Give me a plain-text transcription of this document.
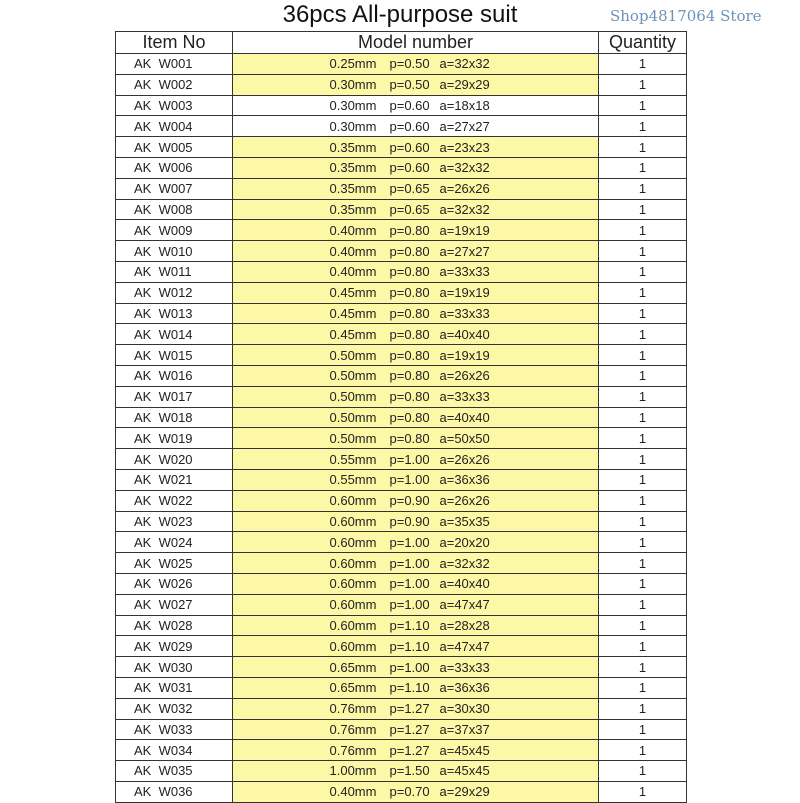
36pcs All-purpose suit	Shop4817064 Store
Item No	Model number	Quantity
AK  W001	0.25mm p=0.50 a=32x32	1
AK  W002	0.30mm p=0.50 a=29x29	1
AK  W003	0.30mm p=0.60 a=18x18	1
AK  W004	0.30mm p=0.60 a=27x27	1
AK  W005	0.35mm p=0.60 a=23x23	1
AK  W006	0.35mm p=0.60 a=32x32	1
AK  W007	0.35mm p=0.65 a=26x26	1
AK  W008	0.35mm p=0.65 a=32x32	1
AK  W009	0.40mm p=0.80 a=19x19	1
AK  W010	0.40mm p=0.80 a=27x27	1
AK  W011	0.40mm p=0.80 a=33x33	1
AK  W012	0.45mm p=0.80 a=19x19	1
AK  W013	0.45mm p=0.80 a=33x33	1
AK  W014	0.45mm p=0.80 a=40x40	1
AK  W015	0.50mm p=0.80 a=19x19	1
AK  W016	0.50mm p=0.80 a=26x26	1
AK  W017	0.50mm p=0.80 a=33x33	1
AK  W018	0.50mm p=0.80 a=40x40	1
AK  W019	0.50mm p=0.80 a=50x50	1
AK  W020	0.55mm p=1.00 a=26x26	1
AK  W021	0.55mm p=1.00 a=36x36	1
AK  W022	0.60mm p=0.90 a=26x26	1
AK  W023	0.60mm p=0.90 a=35x35	1
AK  W024	0.60mm p=1.00 a=20x20	1
AK  W025	0.60mm p=1.00 a=32x32	1
AK  W026	0.60mm p=1.00 a=40x40	1
AK  W027	0.60mm p=1.00 a=47x47	1
AK  W028	0.60mm p=1.10 a=28x28	1
AK  W029	0.60mm p=1.10 a=47x47	1
AK  W030	0.65mm p=1.00 a=33x33	1
AK  W031	0.65mm p=1.10 a=36x36	1
AK  W032	0.76mm p=1.27 a=30x30	1
AK  W033	0.76mm p=1.27 a=37x37	1
AK  W034	0.76mm p=1.27 a=45x45	1
AK  W035	1.00mm p=1.50 a=45x45	1
AK  W036	0.40mm p=0.70 a=29x29	1
